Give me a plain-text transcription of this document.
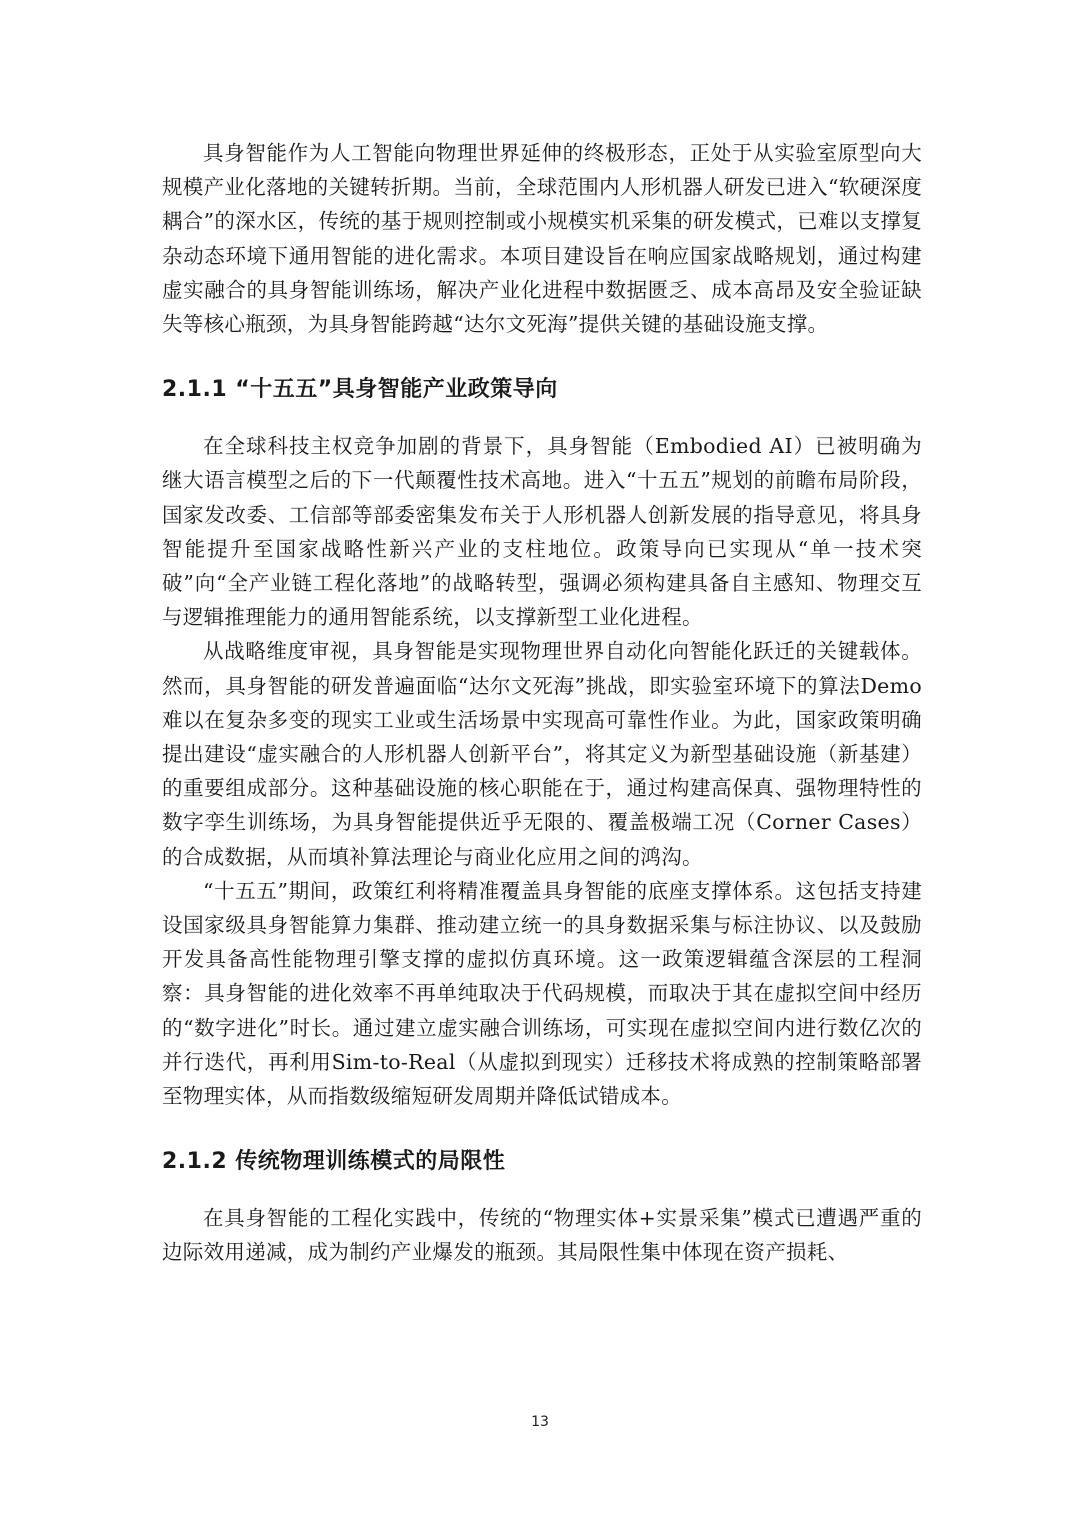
具身智能作为人工智能向物理世界延伸的终极形态，正处于从实验室原型向大规模产业化落地的关键转折期。当前，全球范围内人形机器人研发已进入“软硬深度耦合”的深水区，传统的基于规则控制或小规模实机采集的研发模式，已难以支撑复杂动态环境下通用智能的进化需求。本项目建设旨在响应国家战略规划，通过构建虚实融合的具身智能训练场，解决产业化进程中数据匮乏、成本高昂及安全验证缺失等核心瓶颈，为具身智能跨越“达尔文死海”提供关键的基础设施支撑。

2.1.1 “十五五”具身智能产业政策导向

在全球科技主权竞争加剧的背景下，具身智能（Embodied AI）已被明确为继大语言模型之后的下一代颠覆性技术高地。进入“十五五”规划的前瞻布局阶段，国家发改委、工信部等部委密集发布关于人形机器人创新发展的指导意见，将具身智能提升至国家战略性新兴产业的支柱地位。政策导向已实现从“单一技术突破”向“全产业链工程化落地”的战略转型，强调必须构建具备自主感知、物理交互与逻辑推理能力的通用智能系统，以支撑新型工业化进程。

从战略维度审视，具身智能是实现物理世界自动化向智能化跃迁的关键载体。然而，具身智能的研发普遍面临“达尔文死海”挑战，即实验室环境下的算法Demo难以在复杂多变的现实工业或生活场景中实现高可靠性作业。为此，国家政策明确提出建设“虚实融合的人形机器人创新平台”，将其定义为新型基础设施（新基建）的重要组成部分。这种基础设施的核心职能在于，通过构建高保真、强物理特性的数字孪生训练场，为具身智能提供近乎无限的、覆盖极端工况（Corner Cases）的合成数据，从而填补算法理论与商业化应用之间的鸿沟。

“十五五”期间，政策红利将精准覆盖具身智能的底座支撑体系。这包括支持建设国家级具身智能算力集群、推动建立统一的具身数据采集与标注协议、以及鼓励开发具备高性能物理引擎支撑的虚拟仿真环境。这一政策逻辑蕴含深层的工程洞察：具身智能的进化效率不再单纯取决于代码规模，而取决于其在虚拟空间中经历的“数字进化”时长。通过建立虚实融合训练场，可实现在虚拟空间内进行数亿次的并行迭代，再利用Sim-to-Real（从虚拟到现实）迁移技术将成熟的控制策略部署至物理实体，从而指数级缩短研发周期并降低试错成本。

2.1.2 传统物理训练模式的局限性

在具身智能的工程化实践中，传统的“物理实体+实景采集”模式已遭遇严重的边际效用递减，成为制约产业爆发的瓶颈。其局限性集中体现在资产损耗、

13
